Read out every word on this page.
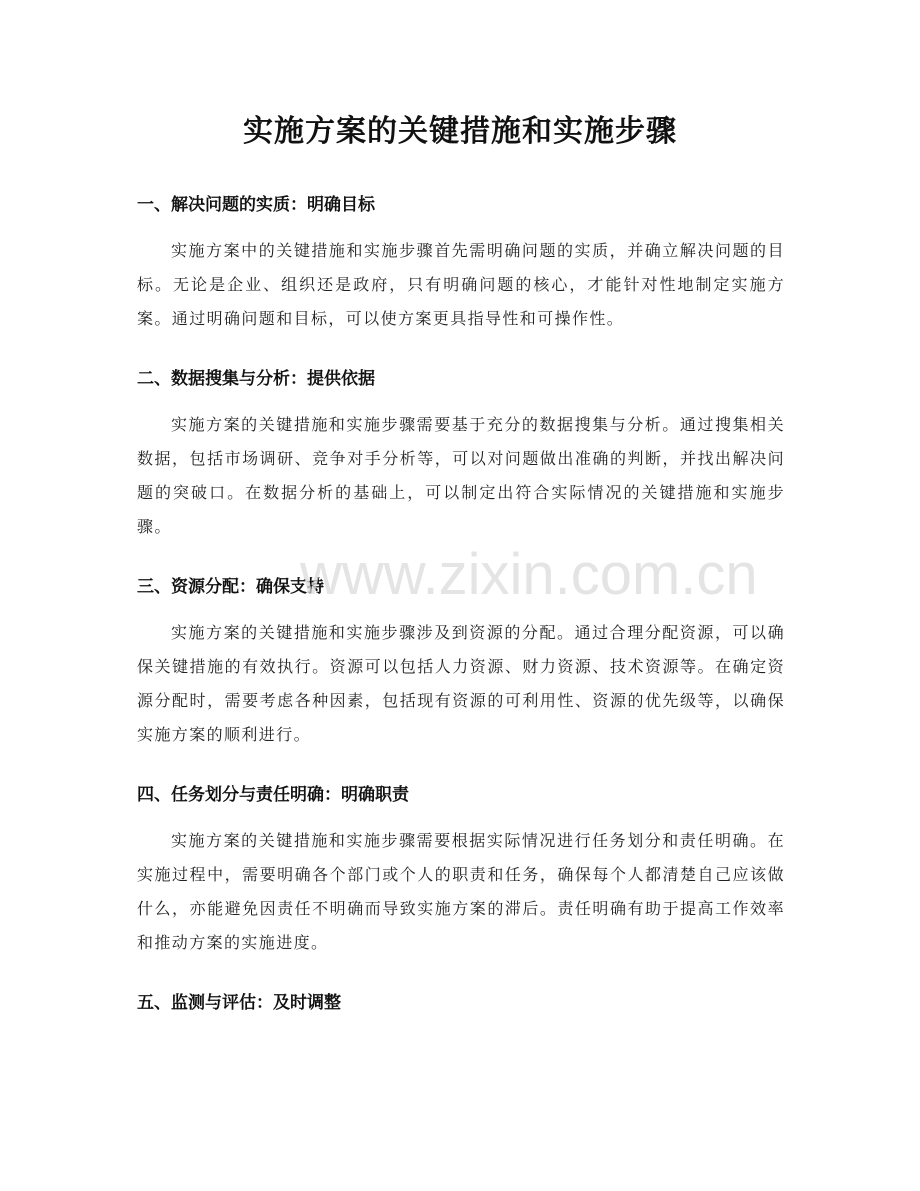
实施方案的关键措施和实施步骤
一、解决问题的实质：明确目标

实施方案中的关键措施和实施步骤首先需明确问题的实质，并确立解决问题的目标。无论是企业、组织还是政府，只有明确问题的核心，才能针对性地制定实施方案。通过明确问题和目标，可以使方案更具指导性和可操作性。

二、数据搜集与分析：提供依据

实施方案的关键措施和实施步骤需要基于充分的数据搜集与分析。通过搜集相关数据，包括市场调研、竞争对手分析等，可以对问题做出准确的判断，并找出解决问题的突破口。在数据分析的基础上，可以制定出符合实际情况的关键措施和实施步骤。

三、资源分配：确保支持

实施方案的关键措施和实施步骤涉及到资源的分配。通过合理分配资源，可以确保关键措施的有效执行。资源可以包括人力资源、财力资源、技术资源等。在确定资源分配时，需要考虑各种因素，包括现有资源的可利用性、资源的优先级等，以确保实施方案的顺利进行。

四、任务划分与责任明确：明确职责

实施方案的关键措施和实施步骤需要根据实际情况进行任务划分和责任明确。在实施过程中，需要明确各个部门或个人的职责和任务，确保每个人都清楚自己应该做什么，亦能避免因责任不明确而导致实施方案的滞后。责任明确有助于提高工作效率和推动方案的实施进度。

五、监测与评估：及时调整
www.zixin.com.cn
